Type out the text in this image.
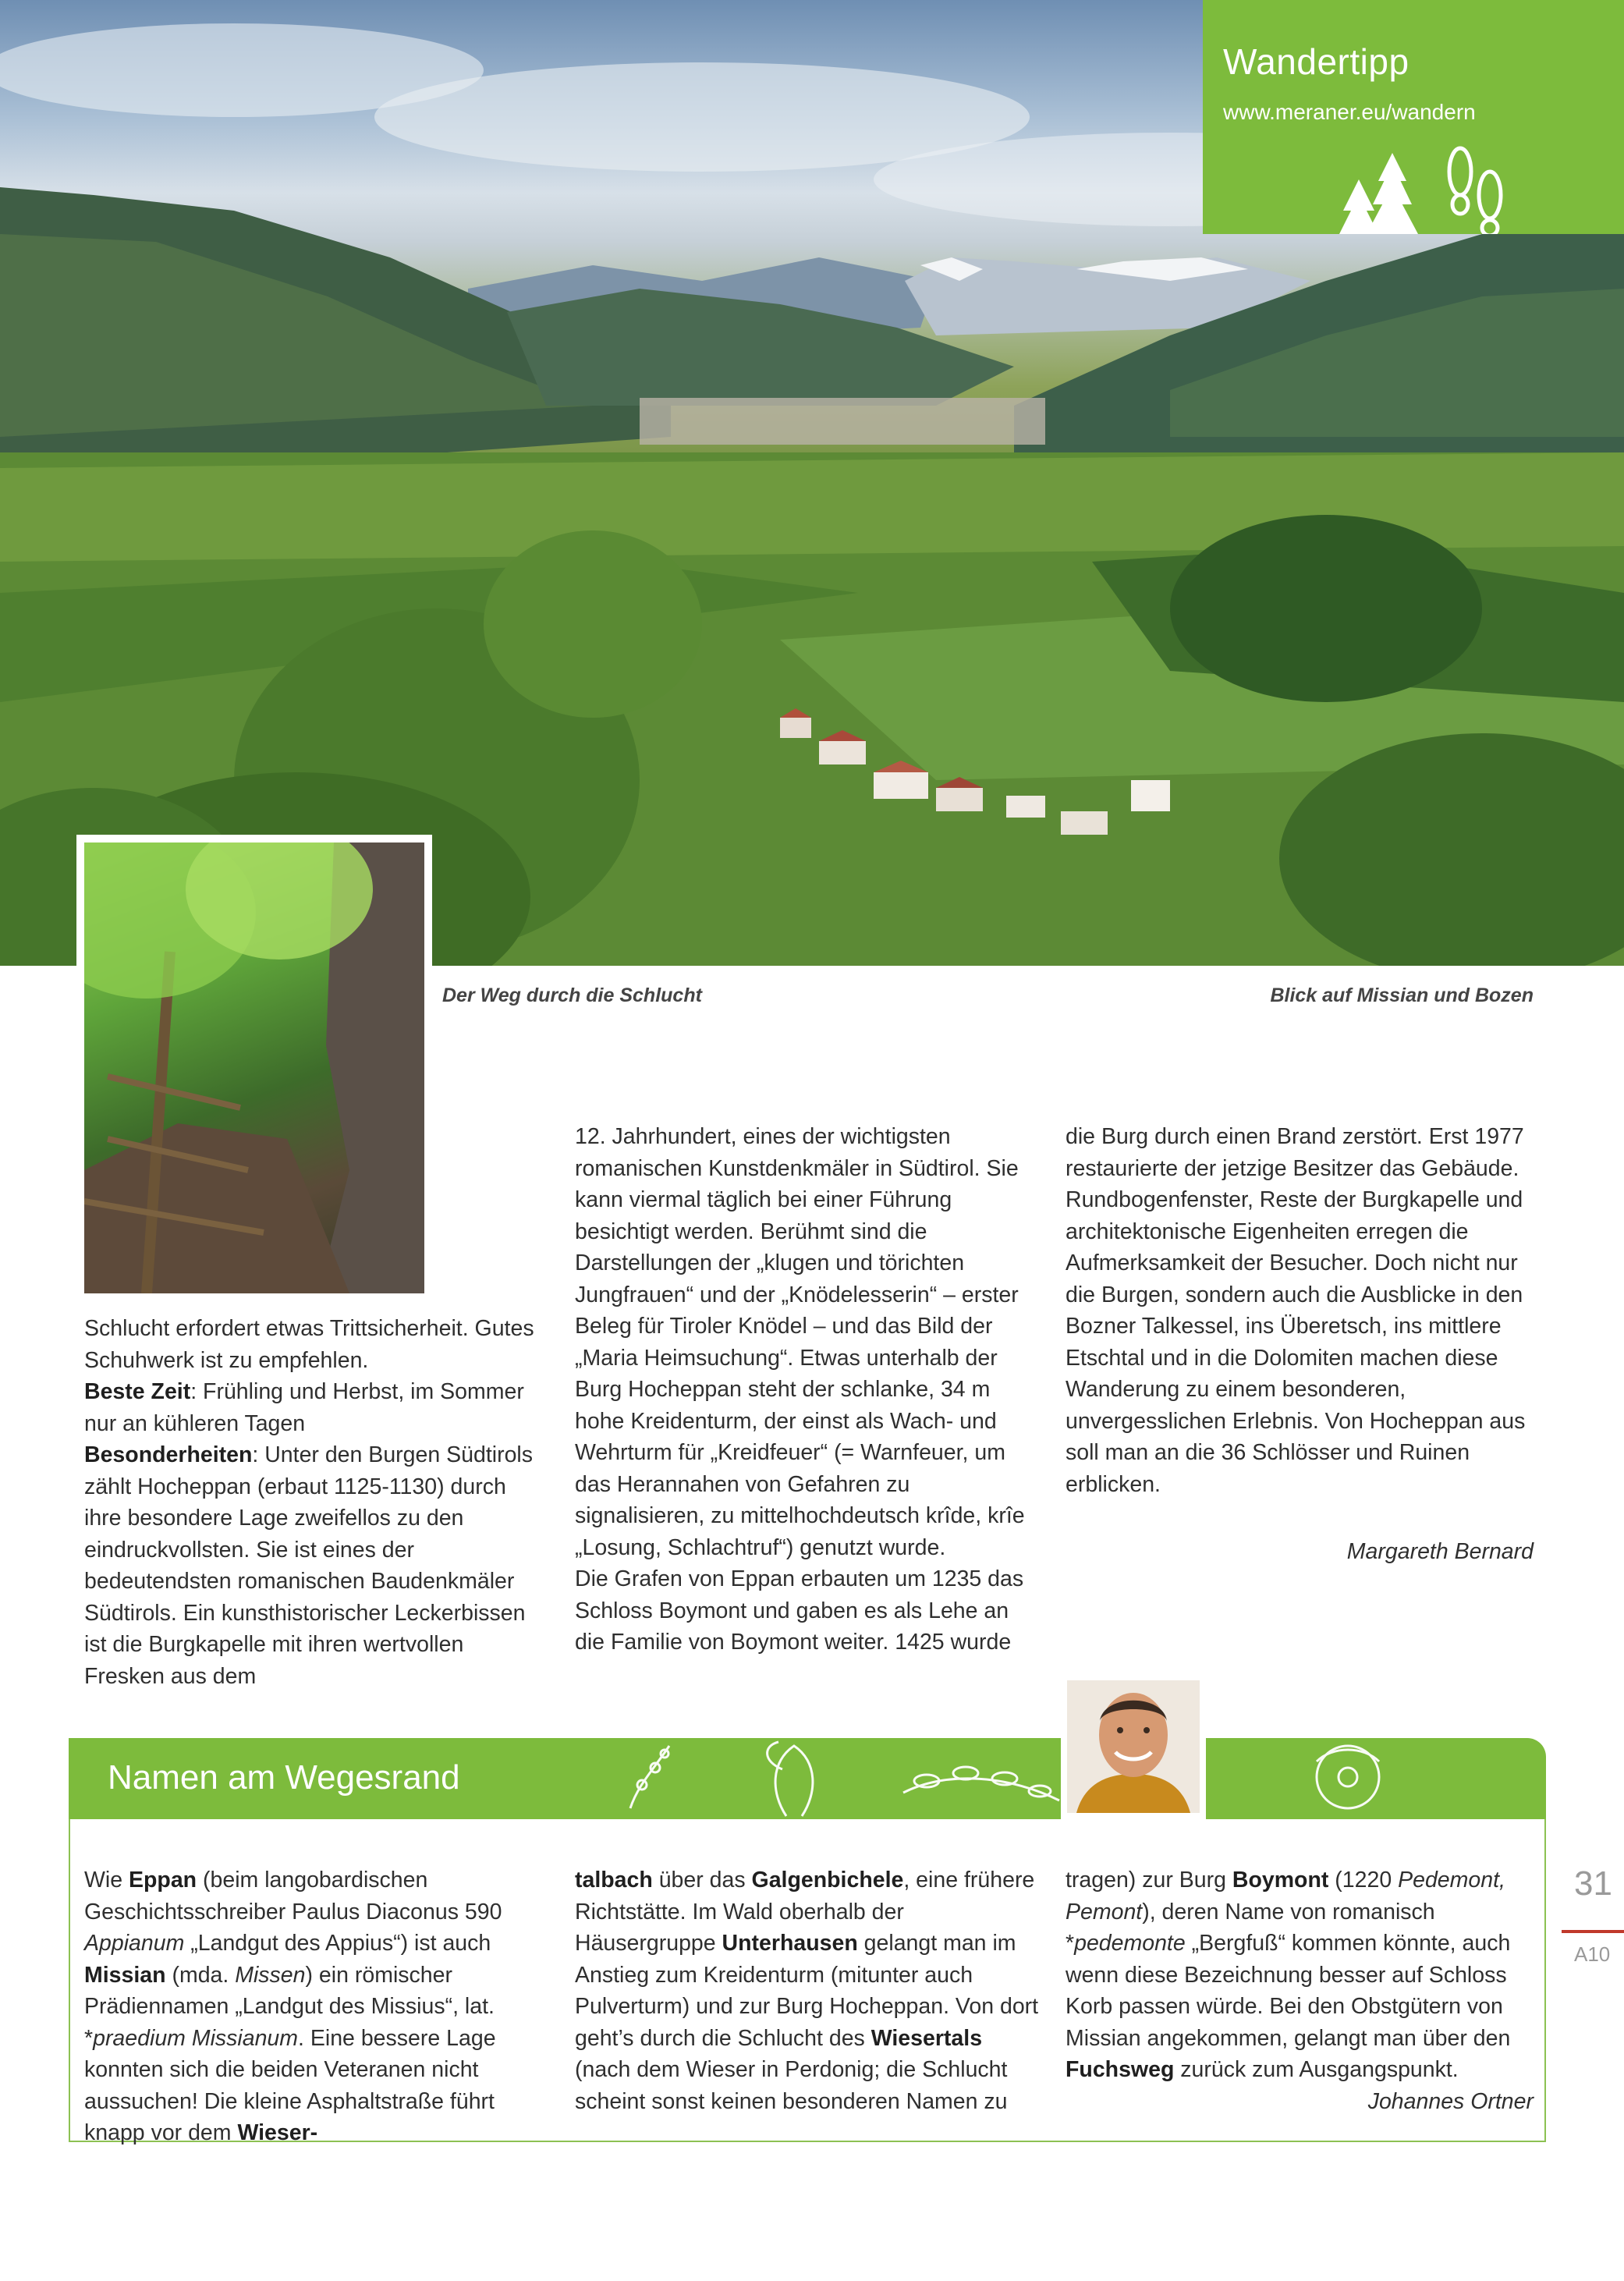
Wandertipp
www.meraner.eu/wandern
Der Weg durch die Schlucht	Blick auf Missian und Bozen

Schlucht erfordert etwas Trittsicherheit. Gutes Schuhwerk ist zu empfehlen.

Beste Zeit: Frühling und Herbst, im Sommer nur an kühleren Tagen

Besonderheiten: Unter den Burgen Südtirols zählt Hocheppan (erbaut 1125-1130) durch ihre besondere Lage zweifellos zu den eindruckvollsten. Sie ist eines der bedeutendsten romanischen Baudenkmäler Südtirols. Ein kunsthistorischer Leckerbissen ist die Burgkapelle mit ihren wertvollen Fresken aus dem

12. Jahrhundert, eines der wichtigsten romanischen Kunstdenkmäler in Südtirol. Sie kann viermal täglich bei einer Führung besichtigt werden. Berühmt sind die Darstellungen der „klugen und törichten Jungfrauen“ und der „Knödelesserin“ – erster Beleg für Tiroler Knödel – und das Bild der „Maria Heimsuchung“. Etwas unterhalb der Burg Hocheppan steht der schlanke, 34 m hohe Kreidenturm, der einst als Wach- und Wehrturm für „Kreidfeuer“ (= Warnfeuer, um das Herannahen von Gefahren zu signalisieren, zu mittelhochdeutsch krîde, krîe „Losung, Schlachtruf“) genutzt wurde.

Die Grafen von Eppan erbauten um 1235 das Schloss Boymont und gaben es als Lehe an die Familie von Boymont weiter. 1425 wurde

die Burg durch einen Brand zerstört. Erst 1977 restaurierte der jetzige Besitzer das Gebäude. Rundbogenfenster, Reste der Burgkapelle und architektonische Eigenheiten erregen die Aufmerksamkeit der Besucher. Doch nicht nur die Burgen, sondern auch die Ausblicke in den Bozner Talkessel, ins Überetsch, ins mittlere Etschtal und in die Dolomiten machen diese Wanderung zu einem besonderen, unvergesslichen Erlebnis. Von Hocheppan aus soll man an die 36 Schlösser und Ruinen erblicken.

Margareth Bernard

Namen am Wegesrand

Wie Eppan (beim langobardischen Geschichtsschreiber Paulus Diaconus 590 Appianum „Landgut des Appius“) ist auch Missian (mda. Missen) ein römischer Prädiennamen „Landgut des Missius“, lat. *praedium Missianum. Eine bessere Lage konnten sich die beiden Veteranen nicht aussuchen! Die kleine Asphaltstraße führt knapp vor dem Wieser-

talbach über das Galgenbichele, eine frühere Richtstätte. Im Wald oberhalb der Häusergruppe Unterhausen gelangt man im Anstieg zum Kreidenturm (mitunter auch Pulverturm) und zur Burg Hocheppan. Von dort geht’s durch die Schlucht des Wiesertals (nach dem Wieser in Perdonig; die Schlucht scheint sonst keinen besonderen Namen zu

tragen) zur Burg Boymont (1220 Pedemont, Pemont), deren Name von romanisch *pedemonte „Bergfuß“ kommen könnte, auch wenn diese Bezeichnung besser auf Schloss Korb passen würde. Bei den Obstgütern von Missian angekommen, gelangt man über den Fuchsweg zurück zum Ausgangspunkt.

Johannes Ortner

31
A10
